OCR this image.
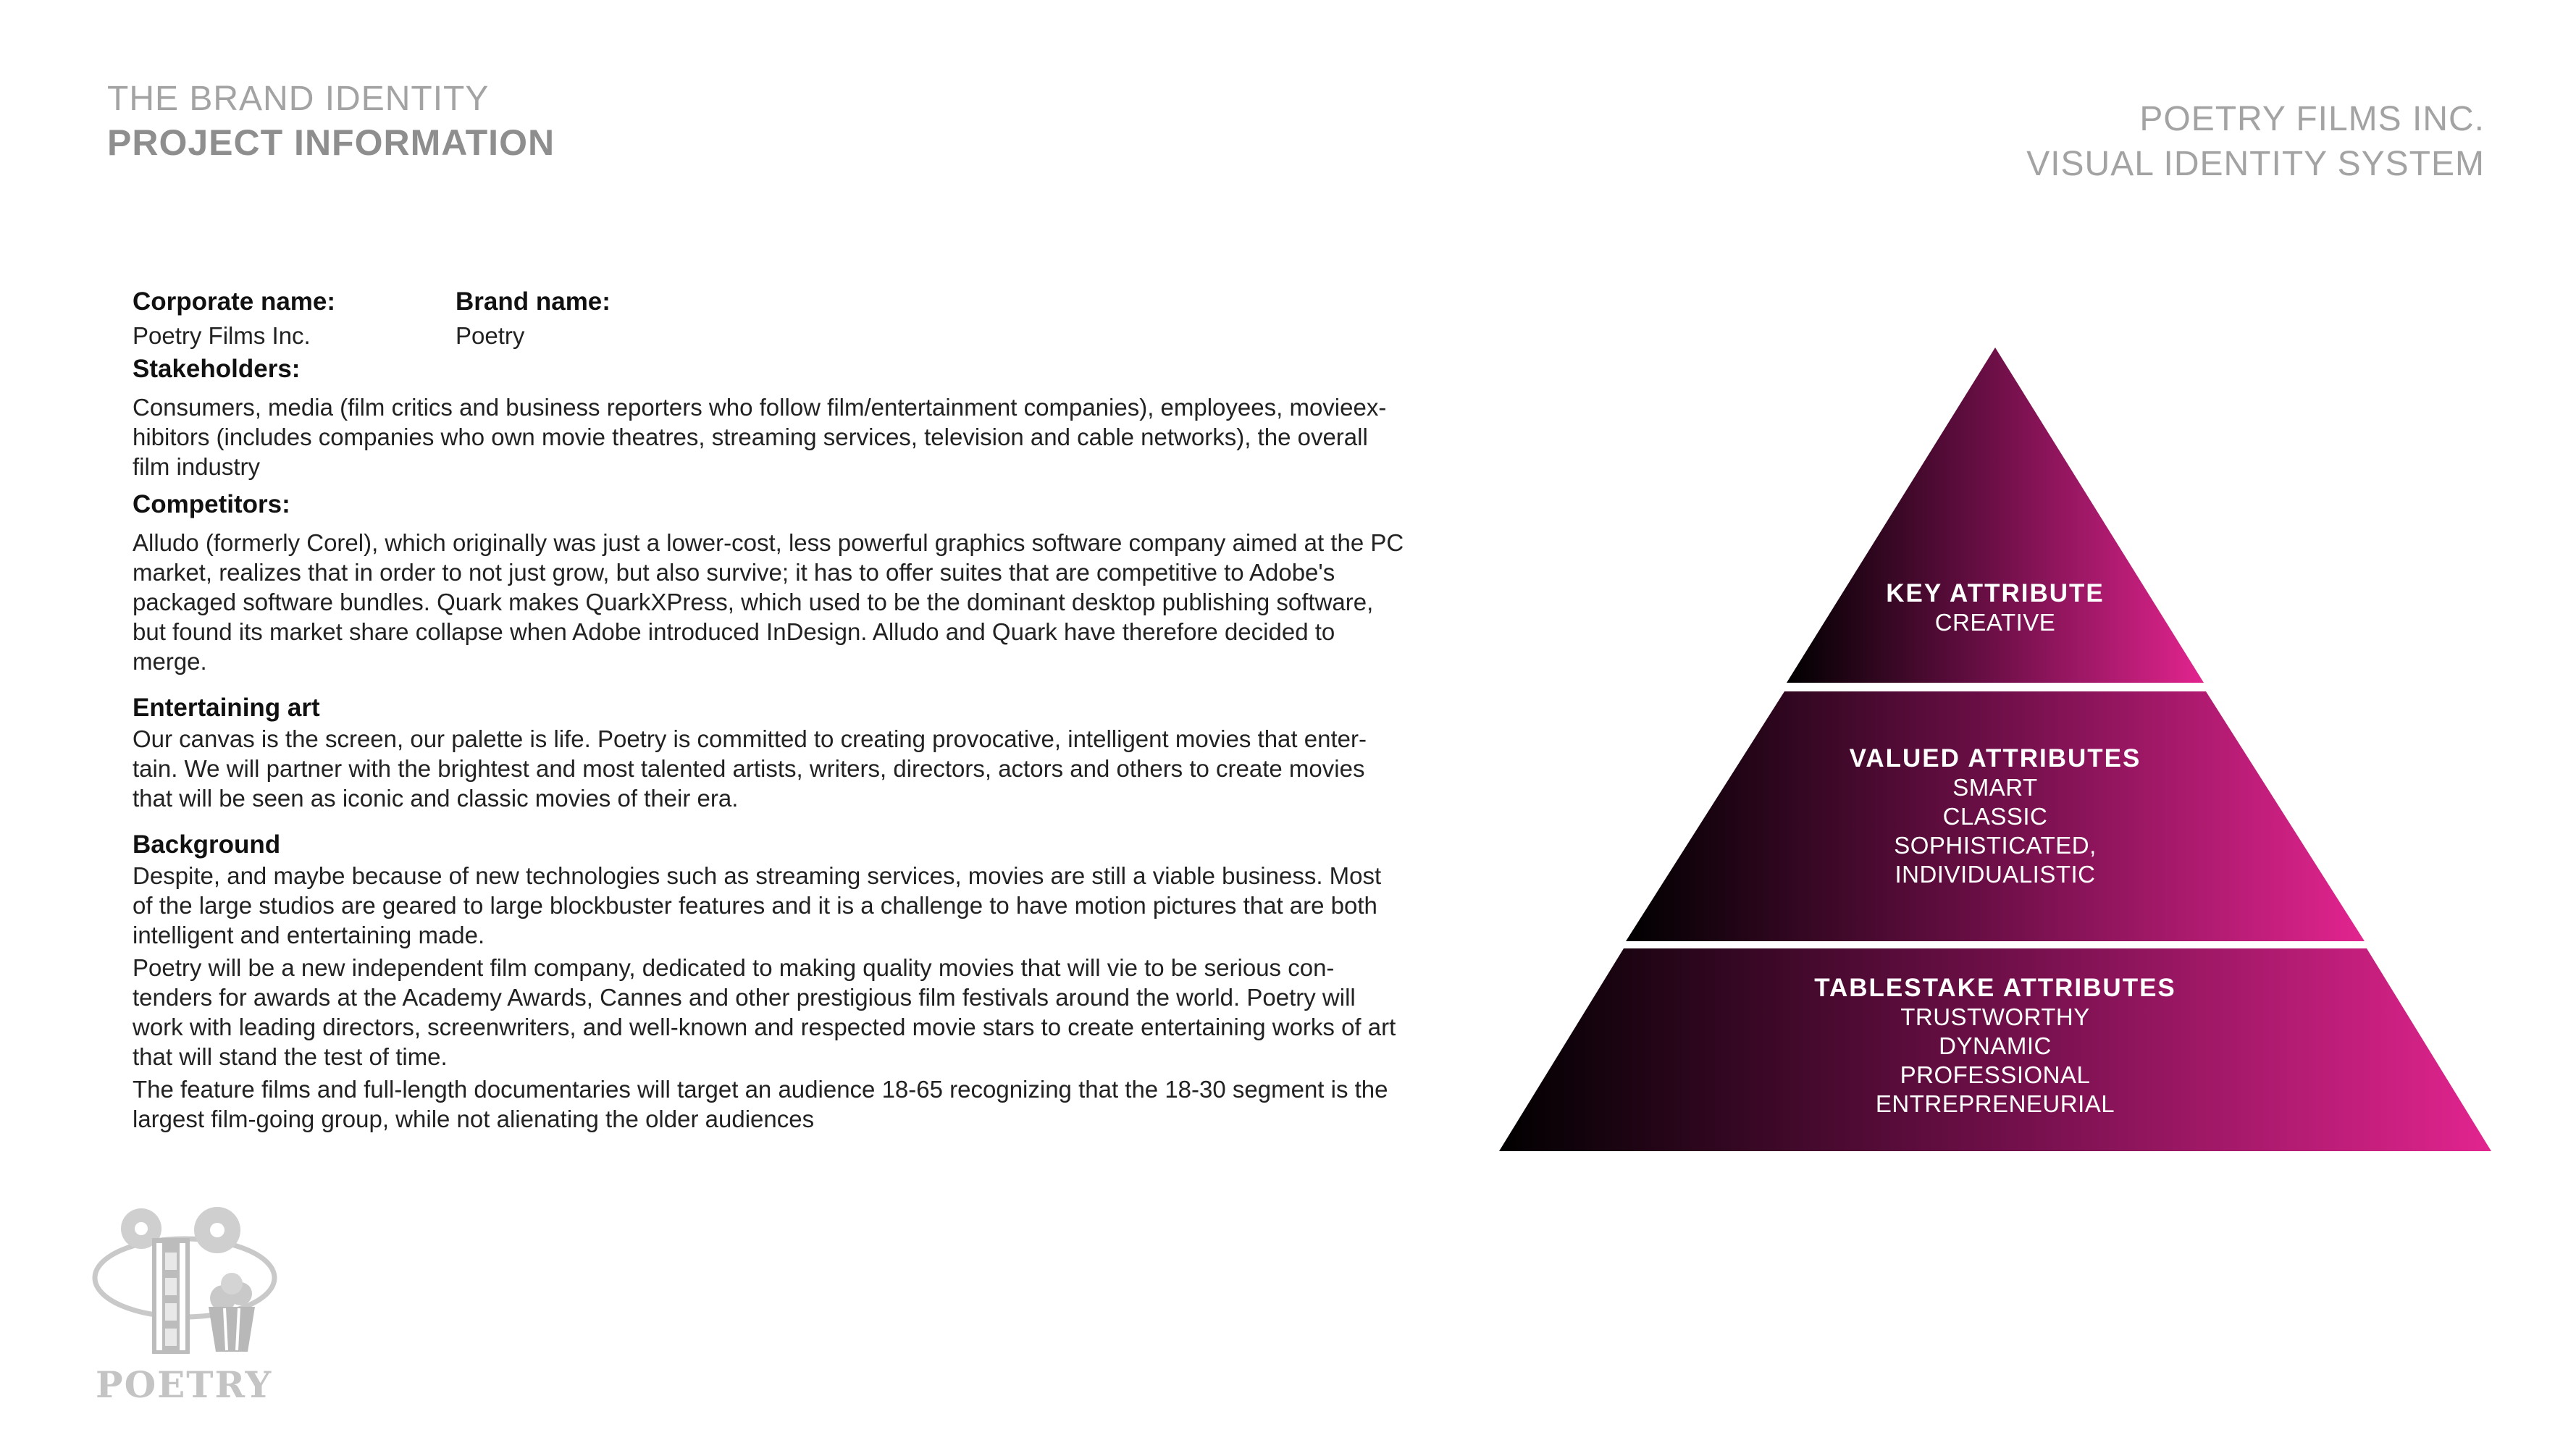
THE BRAND IDENTITY
PROJECT INFORMATION
POETRY FILMS INC.
VISUAL IDENTITY SYSTEM
Corporate name:	Brand name:
Poetry Films Inc.	Poetry
Stakeholders:

Consumers, media (film critics and business reporters who follow film/entertainment companies), employees, movieex-hibitors (includes companies who own movie theatres, streaming services, television and cable networks), the overall film industry

Competitors:

Alludo (formerly Corel), which originally was just a lower-cost, less powerful graphics software company aimed at the PC market, realizes that in order to not just grow, but also survive; it has to offer suites that are competitive to Adobe's packaged software bundles. Quark makes QuarkXPress, which used to be the dominant desktop publishing software, but found its market share collapse when Adobe introduced InDesign. Alludo and Quark have therefore decided to merge.

Entertaining art

Our canvas is the screen, our palette is life. Poetry is committed to creating provocative, intelligent movies that enter-tain. We will partner with the brightest and most talented artists, writers, directors, actors and others to create movies that will be seen as iconic and classic movies of their era.

Background

Despite, and maybe because of new technologies such as streaming services, movies are still a viable business. Most of the large studios are geared to large blockbuster features and it is a challenge to have motion pictures that are both intelligent and entertaining made.

Poetry will be a new independent film company, dedicated to making quality movies that will vie to be serious con-tenders for awards at the Academy Awards, Cannes and other prestigious film festivals around the world. Poetry will work with leading directors, screenwriters, and well-known and respected movie stars to create entertaining works of art that will stand the test of time.

The feature films and full-length documentaries will target an audience 18-65 recognizing that the 18-30 segment is the largest film-going group, while not alienating the older audiences

KEY ATTRIBUTE
CREATIVE
VALUED ATTRIBUTES
SMART
CLASSIC
SOPHISTICATED,
INDIVIDUALISTIC
TABLESTAKE ATTRIBUTES
TRUSTWORTHY
DYNAMIC
PROFESSIONAL
ENTREPRENEURIAL
POETRY
